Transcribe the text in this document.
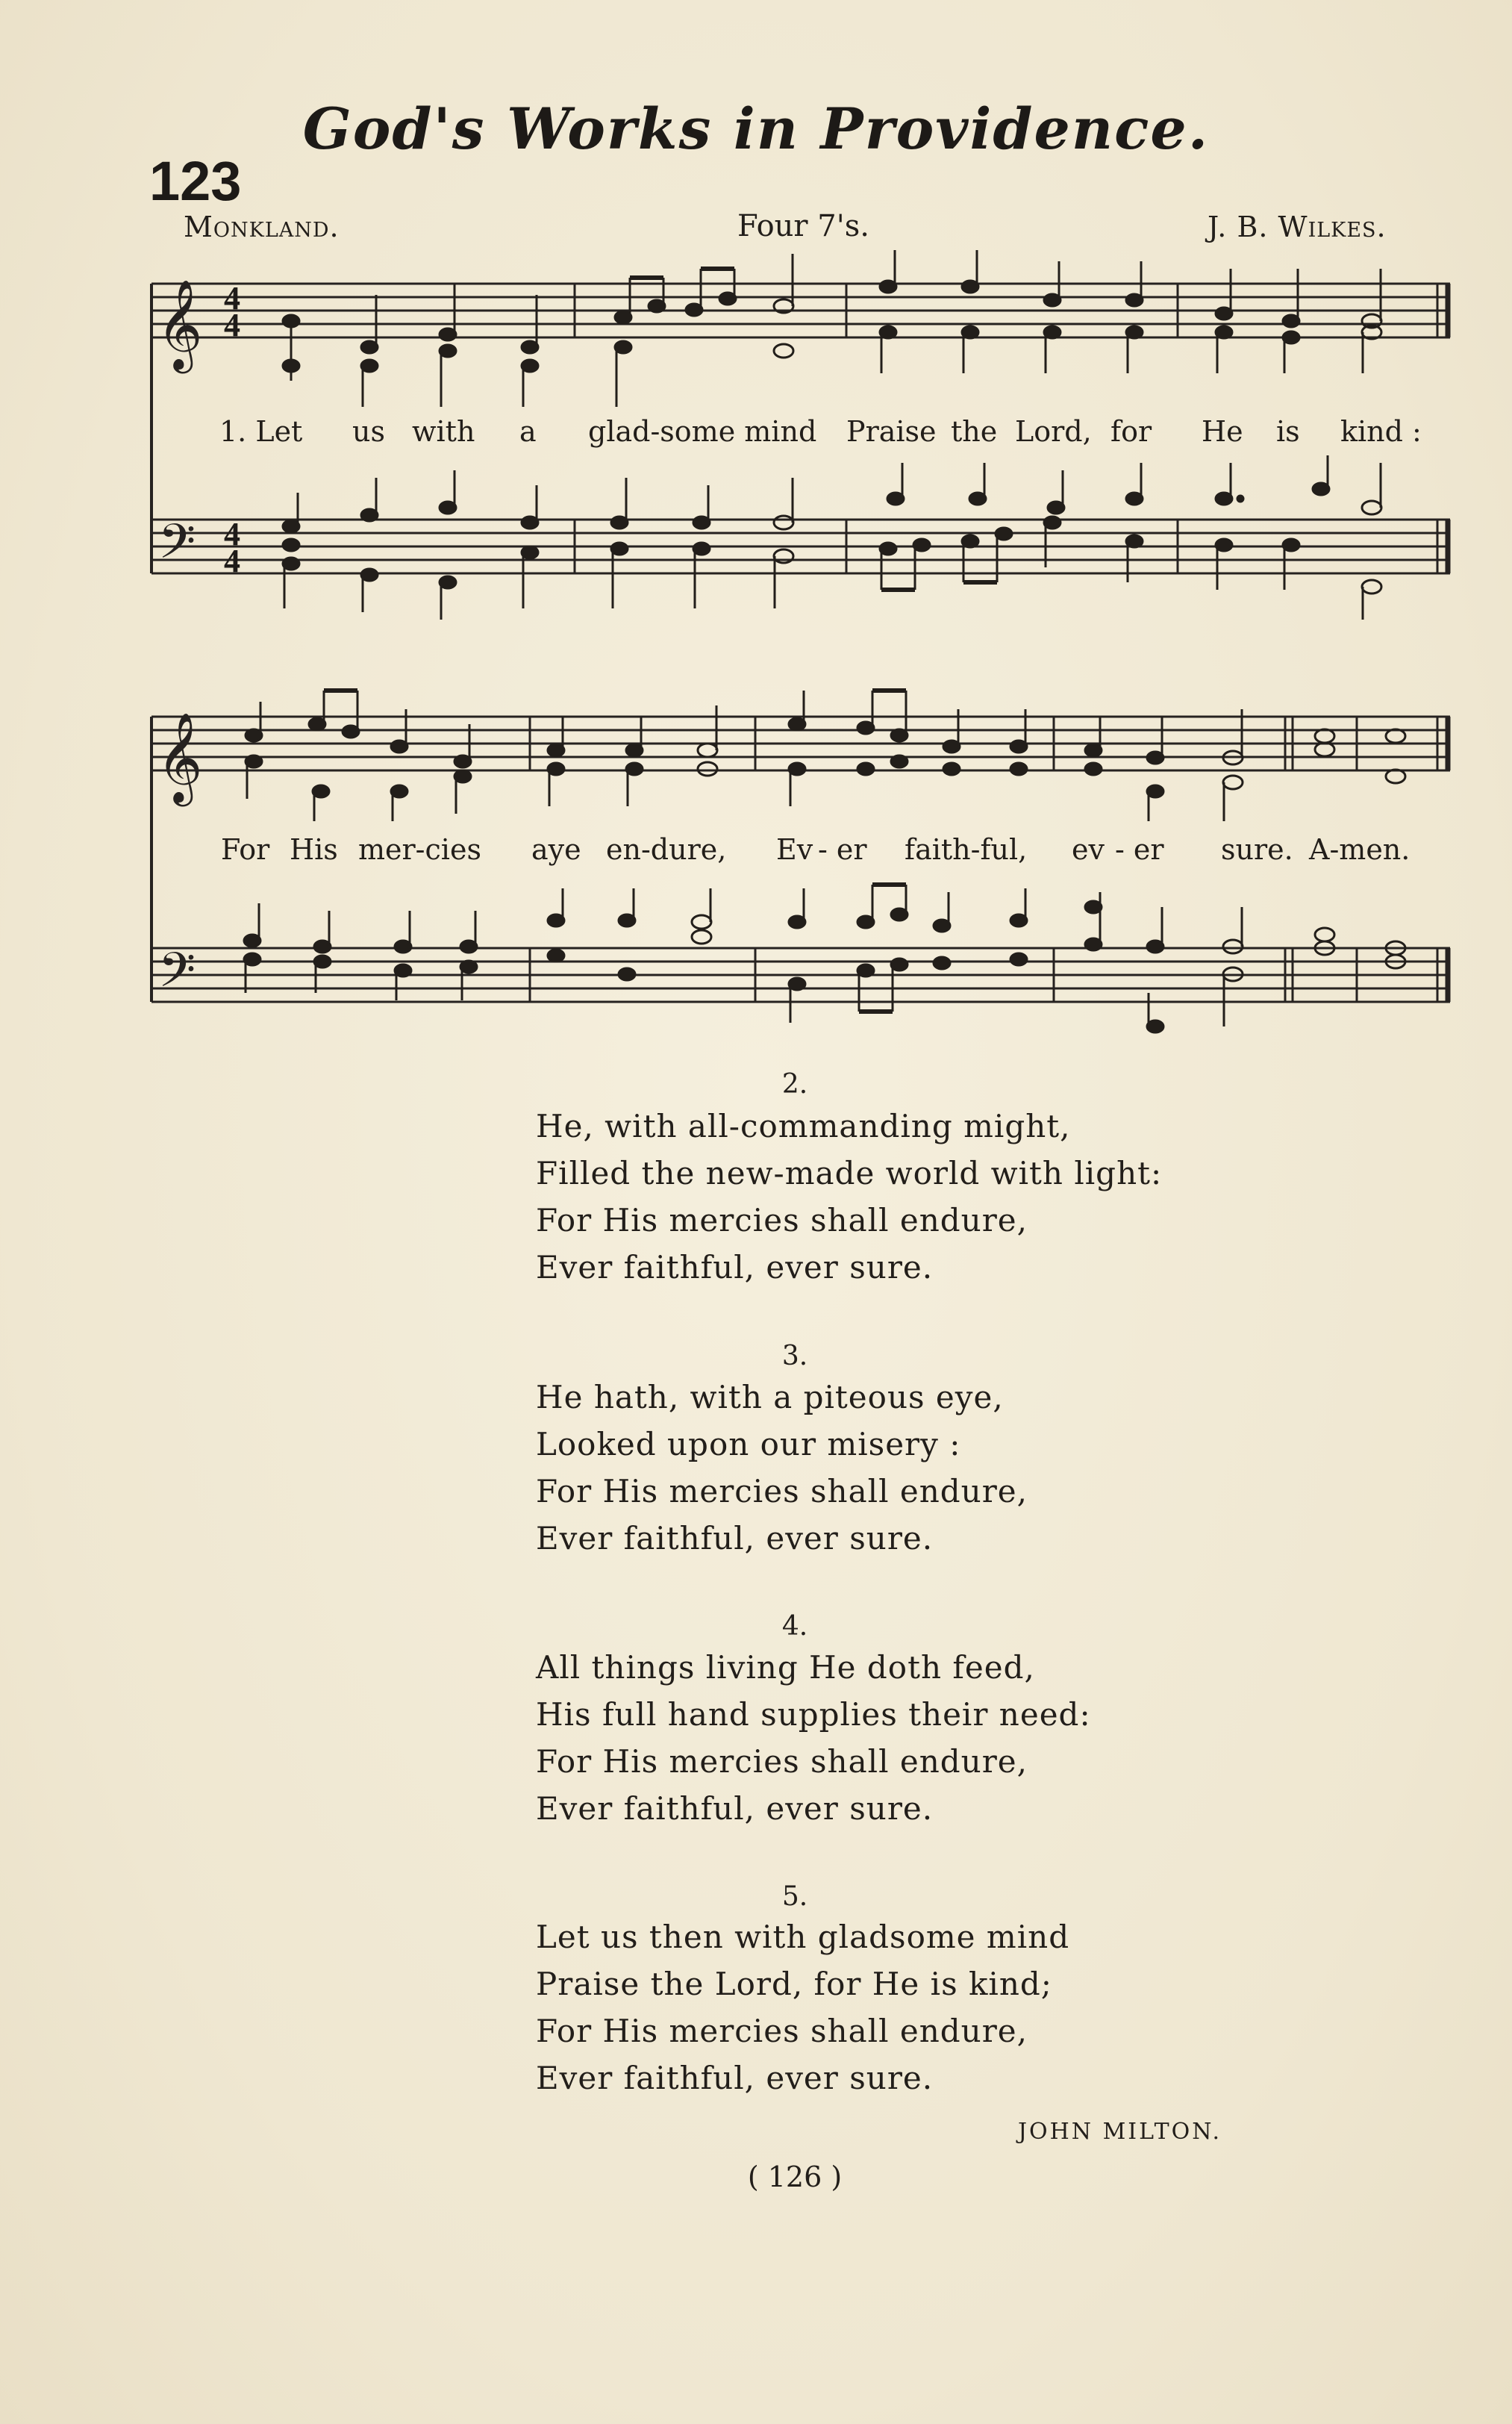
God's Works in Providence.
123
Monkland.	Four 7's.	J. B. Wilkes.
𝄞
𝄢
𝄞
𝄢
4
4
4
4
1. Let us with a glad-some mind Praise the Lord, for He is kind :
For His mer-cies aye en-dure, Ev - er faith-ful, ev - er sure. A-men.
2.
He, with all-commanding might,
Filled the new-made world with light:
For His mercies shall endure,
Ever faithful, ever sure.
3.
He hath, with a piteous eye,
Looked upon our misery :
For His mercies shall endure,
Ever faithful, ever sure.
4.
All things living He doth feed,
His full hand supplies their need:
For His mercies shall endure,
Ever faithful, ever sure.
5.
Let us then with gladsome mind
Praise the Lord, for He is kind;
For His mercies shall endure,
Ever faithful, ever sure.
JOHN MILTON.
( 126 )
